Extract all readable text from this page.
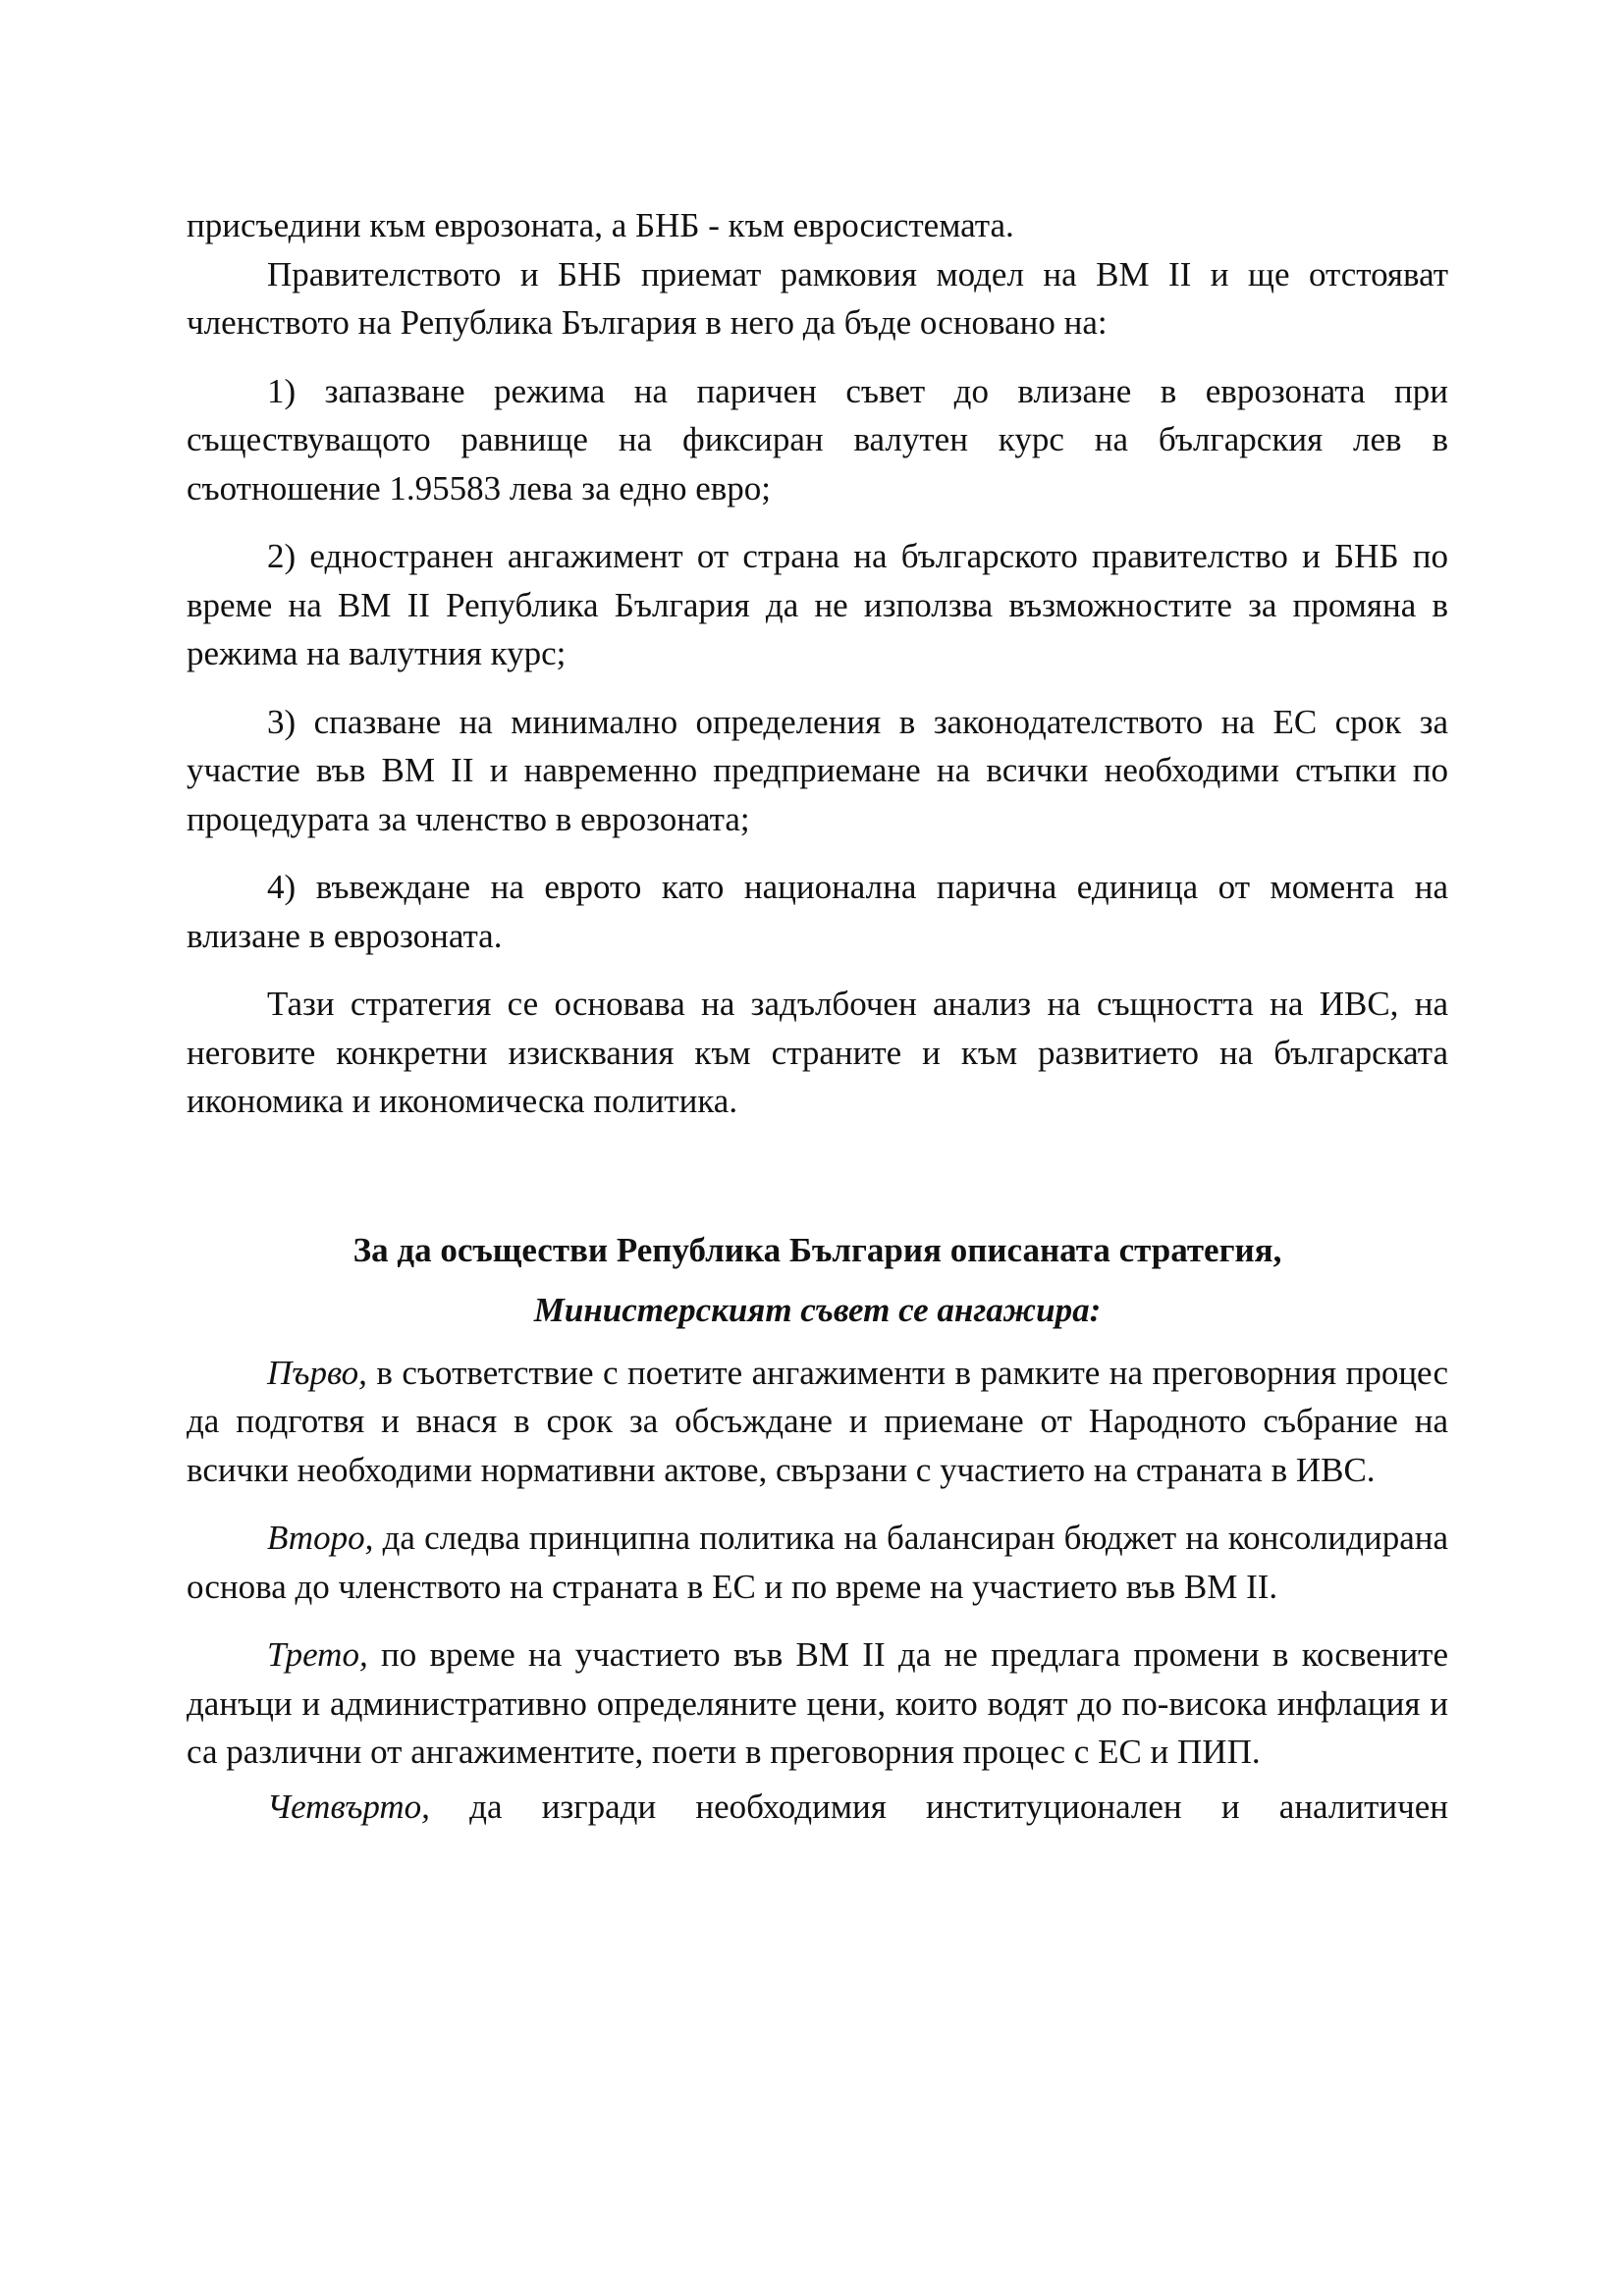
присъедини към еврозоната, а БНБ - към евросистемата.

Правителството и БНБ приемат рамковия модел на ВМ II и ще отстояват членството на Република България в него да бъде основано на:

1) запазване режима на паричен съвет до влизане в еврозоната при съществуващото равнище на фиксиран валутен курс на българския лев в съотношение 1.95583 лева за едно евро;

2) едностранен ангажимент от страна на българското правителство и БНБ по време на ВМ II Република България да не използва възможностите за промяна в режима на валутния курс;

3) спазване на минимално определения в законодателството на ЕС срок за участие във ВМ II и навременно предприемане на всички необходими стъпки по процедурата за членство в еврозоната;

4) въвеждане на еврото като национална парична единица от момента на влизане в еврозоната.

Тази стратегия се основава на задълбочен анализ на същността на ИВС, на неговите конкретни изисквания към страните и към развитието на българската икономика и икономическа политика.

За да осъществи Република България описаната стратегия,

Министерският съвет се ангажира:

Първо, в съответствие с поетите ангажименти в рамките на преговорния процес да подготвя и внася в срок за обсъждане и приемане от Народното събрание на всички необходими нормативни актове, свързани с участието на страната в ИВС.

Второ, да следва принципна политика на балансиран бюджет на консолидирана основа до членството на страната в ЕС и по време на участието във ВМ II.

Трето, по време на участието във ВМ II да не предлага промени в косвените данъци и административно определяните цени, които водят до по-висока инфлация и са различни от ангажиментите, поети в преговорния процес с ЕС и ПИП.

Четвърто, да изгради необходимия институционален и аналитичен
